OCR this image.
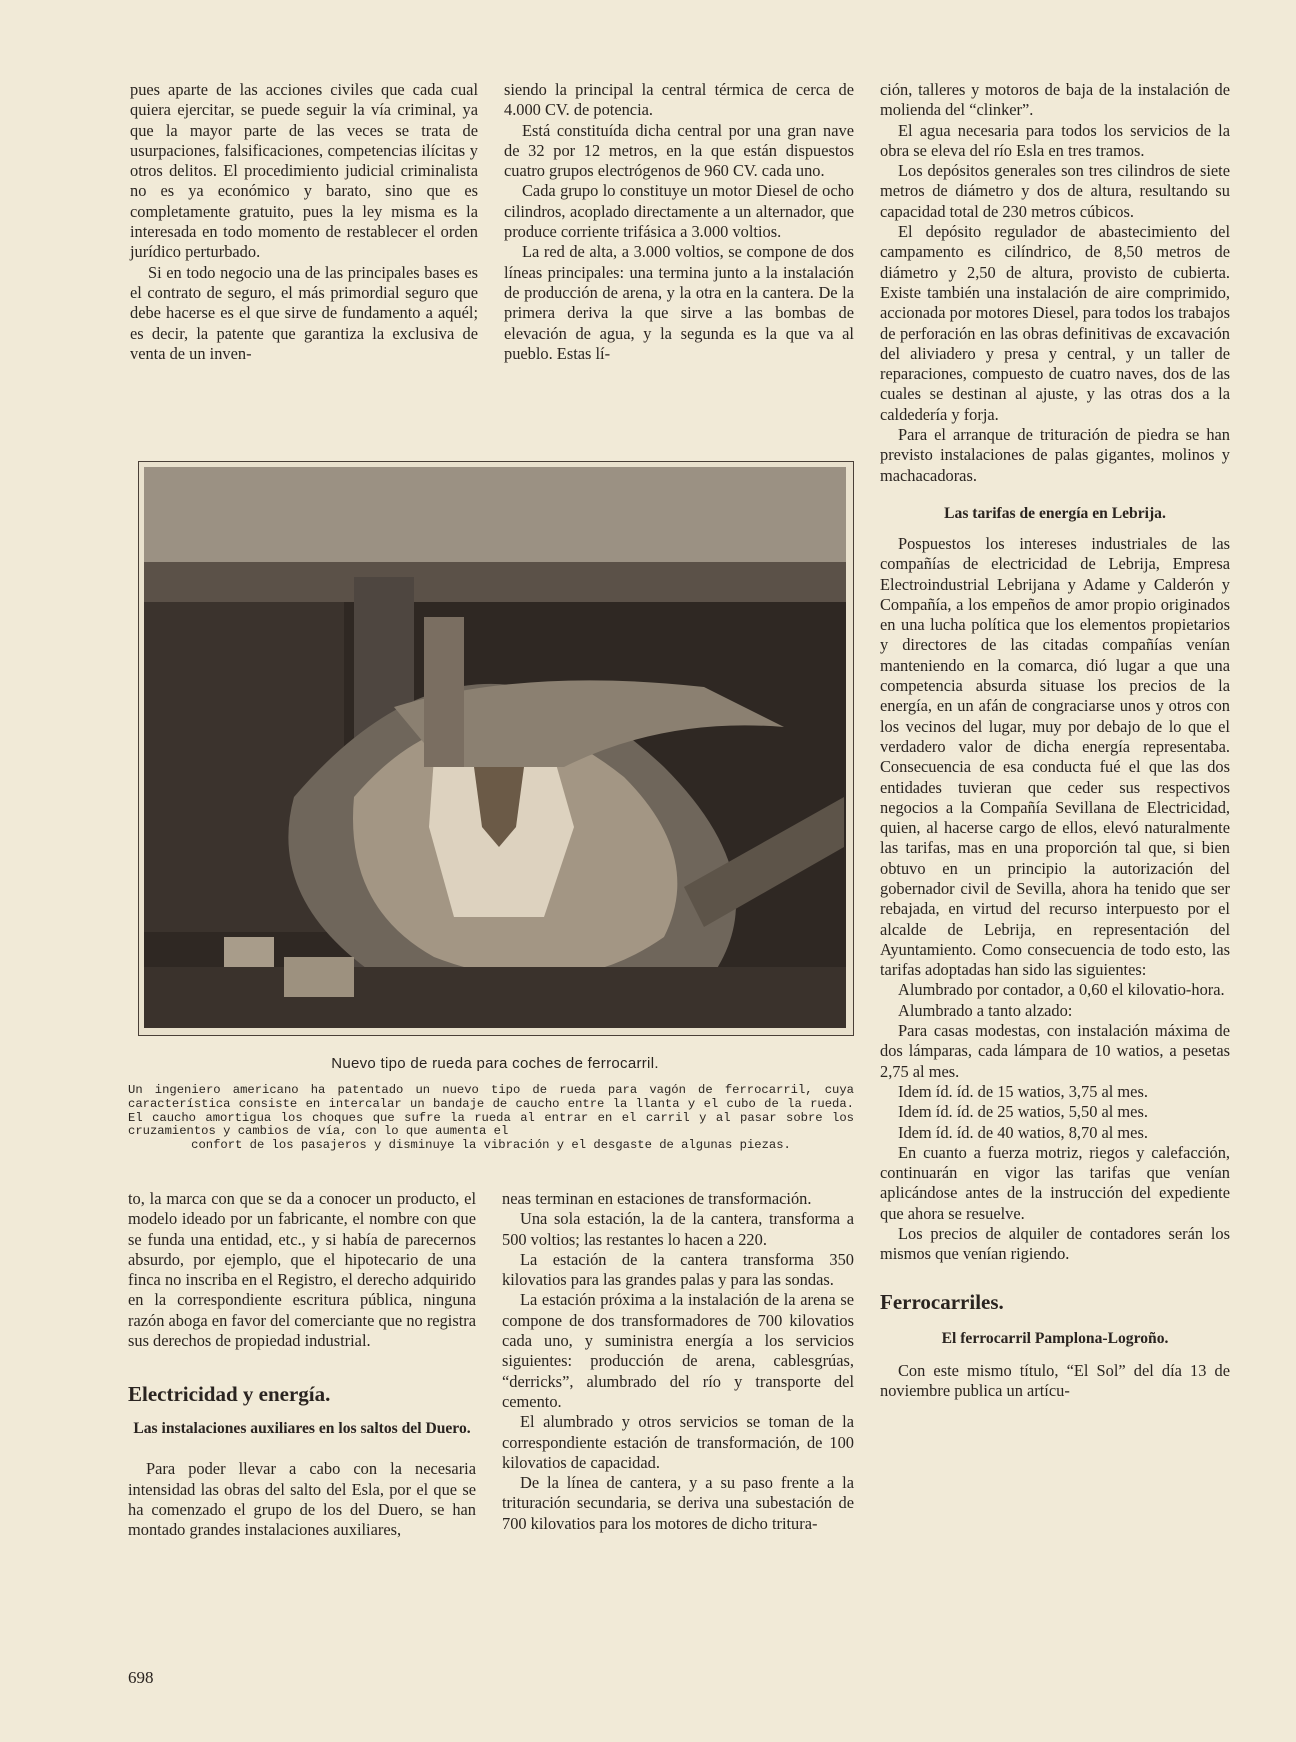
pues aparte de las acciones civiles que cada cual quiera ejercitar, se puede seguir la vía criminal, ya que la mayor parte de las veces se trata de usurpaciones, falsificaciones, competencias ilícitas y otros delitos. El procedimiento judicial criminalista no es ya económico y barato, sino que es completamente gratuito, pues la ley misma es la interesada en todo momento de restablecer el orden jurídico perturbado.

Si en todo negocio una de las principales bases es el contrato de seguro, el más primordial seguro que debe hacerse es el que sirve de fundamento a aquél; es decir, la patente que garantiza la exclusiva de venta de un inven-

siendo la principal la central térmica de cerca de 4.000 CV. de potencia.

Está constituída dicha central por una gran nave de 32 por 12 metros, en la que están dispuestos cuatro grupos electrógenos de 960 CV. cada uno.

Cada grupo lo constituye un motor Diesel de ocho cilindros, acoplado directamente a un alternador, que produce corriente trifásica a 3.000 voltios.

La red de alta, a 3.000 voltios, se compone de dos líneas principales: una termina junto a la instalación de producción de arena, y la otra en la cantera. De la primera deriva la que sirve a las bombas de elevación de agua, y la segunda es la que va al pueblo. Estas lí-

ción, talleres y motoros de baja de la instalación de molienda del “clinker”.

El agua necesaria para todos los servicios de la obra se eleva del río Esla en tres tramos.

Los depósitos generales son tres cilindros de siete metros de diámetro y dos de altura, resultando su capacidad total de 230 metros cúbicos.

El depósito regulador de abastecimiento del campamento es cilíndrico, de 8,50 metros de diámetro y 2,50 de altura, provisto de cubierta. Existe también una instalación de aire comprimido, accionada por motores Diesel, para todos los trabajos de perforación en las obras definitivas de excavación del aliviadero y presa y central, y un taller de reparaciones, compuesto de cuatro naves, dos de las cuales se destinan al ajuste, y las otras dos a la caldedería y forja.

Para el arranque de trituración de piedra se han previsto instalaciones de palas gigantes, molinos y machacadoras.

Las tarifas de energía en Lebrija.

Pospuestos los intereses industriales de las compañías de electricidad de Lebrija, Empresa Electroindustrial Lebrijana y Adame y Calderón y Compañía, a los empeños de amor propio originados en una lucha política que los elementos propietarios y directores de las citadas compañías venían manteniendo en la comarca, dió lugar a que una competencia absurda situase los precios de la energía, en un afán de congraciarse unos y otros con los vecinos del lugar, muy por debajo de lo que el verdadero valor de dicha energía representaba. Consecuencia de esa conducta fué el que las dos entidades tuvieran que ceder sus respectivos negocios a la Compañía Sevillana de Electricidad, quien, al hacerse cargo de ellos, elevó naturalmente las tarifas, mas en una proporción tal que, si bien obtuvo en un principio la autorización del gobernador civil de Sevilla, ahora ha tenido que ser rebajada, en virtud del recurso interpuesto por el alcalde de Lebrija, en representación del Ayuntamiento. Como consecuencia de todo esto, las tarifas adoptadas han sido las siguientes:

Alumbrado por contador, a 0,60 el kilovatio-hora.

Alumbrado a tanto alzado:

Para casas modestas, con instalación máxima de dos lámparas, cada lámpara de 10 watios, a pesetas 2,75 al mes.

Idem íd. íd. de 15 watios, 3,75 al mes.

Idem íd. íd. de 25 watios, 5,50 al mes.

Idem íd. íd. de 40 watios, 8,70 al mes.

En cuanto a fuerza motriz, riegos y calefacción, continuarán en vigor las tarifas que venían aplicándose antes de la instrucción del expediente que ahora se resuelve.

Los precios de alquiler de contadores serán los mismos que venían rigiendo.

Ferrocarriles.

El ferrocarril Pamplona-Logroño.

Con este mismo título, “El Sol” del día 13 de noviembre publica un artícu-

Nuevo tipo de rueda para coches de ferrocarril.
Un ingeniero americano ha patentado un nuevo tipo de rueda para vagón de ferrocarril, cuya característica consiste en intercalar un bandaje de caucho entre la llanta y el cubo de la rueda. El caucho amortigua los choques que sufre la rueda al entrar en el carril y al pasar sobre los cruzamientos y cambios de vía, con lo que aumenta el
confort de los pasajeros y disminuye la vibración y el desgaste de algunas piezas.

to, la marca con que se da a conocer un producto, el modelo ideado por un fabricante, el nombre con que se funda una entidad, etc., y si había de parecernos absurdo, por ejemplo, que el hipotecario de una finca no inscriba en el Registro, el derecho adquirido en la correspondiente escritura pública, ninguna razón aboga en favor del comerciante que no registra sus derechos de propiedad industrial.

Electricidad y energía.

Las instalaciones auxiliares en los saltos del Duero.

Para poder llevar a cabo con la necesaria intensidad las obras del salto del Esla, por el que se ha comenzado el grupo de los del Duero, se han montado grandes instalaciones auxiliares,

neas terminan en estaciones de transformación.

Una sola estación, la de la cantera, transforma a 500 voltios; las restantes lo hacen a 220.

La estación de la cantera transforma 350 kilovatios para las grandes palas y para las sondas.

La estación próxima a la instalación de la arena se compone de dos transformadores de 700 kilovatios cada uno, y suministra energía a los servicios siguientes: producción de arena, cablesgrúas, “derricks”, alumbrado del río y transporte del cemento.

El alumbrado y otros servicios se toman de la correspondiente estación de transformación, de 100 kilovatios de capacidad.

De la línea de cantera, y a su paso frente a la trituración secundaria, se deriva una subestación de 700 kilovatios para los motores de dicho tritura-

698
